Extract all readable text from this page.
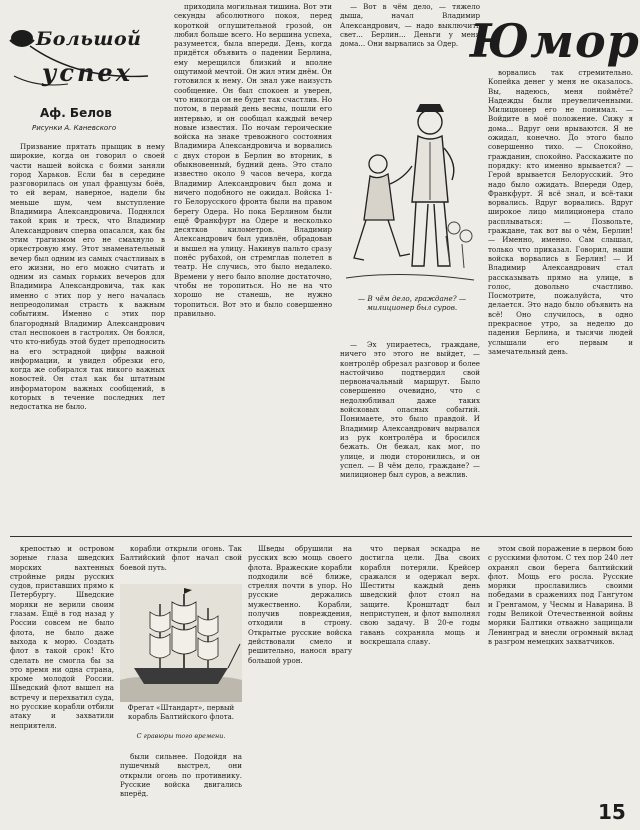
Большой
успех
Юмор
Аф. Белов
Рисунки А. Каневского

Призвание прятать прыщик в нему широкие, когда он говорил о своей части нашей войска с боями заняли город Харьков. Если бы в середине разговорилась он упал французы боёв, то ей верам, наверное, надели бы меньше шум, чем выступление Владимира Александровича. Поднялся такой крик и треск, что Владимир Александрович сперва опасался, как бы этим трагизмом его не смахнуло в оркестровую яму. Этот знаменательный вечер был одним из самых счастливых в его жизни, но его можно считать и одним из самых горьких вечеров для Владимира Александровича, так как именно с этих пор у него началась непреодолимая страсть к важным событиям. Именно с этих пор благородный Владимир Александрович стал неспокоен в гастролях. Он боялся, что кто-нибудь этой будет преподносить на его эстрадной цифры важной информации, и увидел обрезки его, когда же собирался так никого важных новостей. Он стал как бы штатным информатором важных сообщений, в которых в течение последних лет недостатка не было.

приходила могильная тишина. Вот эти секунды абсолютного покоя, перед короткой оглушительной грозой, он любил больше всего. Но вершина успеха, разумеется, была впереди. День, когда придётся объявить о падении Берлина, ему мерещился близкий и вполне ощутимой мечтой. Он жил этим днём. Он готовился к нему. Он знал уже наизусть сообщение. Он был спокоен и уверен, что никогда он не будет так счастлив. Но потом, в первый день весны, пошли его интервью, и он сообщал каждый вечер новые известия. По ночам героические войска на знаке тревожного состояния Владимира Александровича и ворвались с двух сторон в Берлин во вторник, в обыкновенный, будний день. Это стало известно около 9 часов вечера, когда Владимир Александрович был дома и ничего подобного не ожидал. Войска 1-го Белорусского фронта были на правом берегу Одера. Но пока Берлином были ещё Франкфурт на Одере и несколько десятков километров. Владимир Александрович был удивлён, обрадован и вышел на улицу. Накинув пальто сразу понёс рубахой, он стремглав полетел в театр. Не случись, это было недалеко. Времени у него было вполне достаточно, чтобы не торопиться. Но не на что хорошо не станешь, не нужно торопиться. Вот это и было совершенно правильно.

— Вот в чём дело, — тяжело дыша, начал Владимир Александрович, — надо выключить свет... Берлин... Деньги у меня дома... Они вырвались за Одер.

— В чём дело, граждане? — милиционер был суров.

— Эх упираетесь, граждане, ничего это этого не выйдет, — контролёр обрезал разговор и более настойчиво подтвердил свой первоначальный маршрут. Было совершенно очевидно, что с недолюбливал даже таких войсковых опасных событий. Понимаете, это было правдой. И Владимир Александрович вырвался из рук контролёра и бросился бежать. Он бежал, как мог, по улице, и люди сторонились, и он успел. — В чём дело, граждане? — милиционер был суров, а вежлив.

ворвались так стремительно. Копейка денег у меня не оказалось. Вы, надеюсь, меня поймёте? Надежды были преувеличенными. Милиционер его не понимал. — Войдите в моё положение. Сижу я дома... Вдруг они врываются. Я не ожидал, конечно. До этого было совершенно тихо. — Спокойно, гражданин, спокойно. Расскажите по порядку: кто именно врывается? — Герой врывается Белорусский. Это надо было ожидать. Впереди Одер, Франкфурт. Я всё знал, и всё-таки ворвались. Вдруг ворвались. Вдруг широкое лицо милиционера стало расплываться: — Позвольте, граждане, так вот вы о чём, Берлин! — Именно, именно. Сам слышал, только что приказал. Говорил, наши войска ворвались в Берлин! — И Владимир Александрович стал рассказывать прямо на улице, в голос, довольно счастливо. Посмотрите, пожалуйста, что делается. Это надо было объявить на всё! Оно случилось, в одно прекрасное утро, за неделю до падения Берлина, и тысячи людей услышали его первым и замечательный день.

крепостью и островом зорные глаза шведских морских вахтенных стройные ряды русских судов, приставших прямо к Петербургу. Шведские моряки не верили своим глазам. Ещё в год назад у России совсем не было флота, не было даже выхода к морю. Создать флот в такой срок! Кто сделать не смогла бы за это время ни одна страна, кроме молодой России. Шведский флот вышел на встречу и перехватил суда, но русские корабли отбили атаку и захватили неприятеля.

корабли открыли огонь. Так Балтийский флот начал свой боевой путь.

Фрегат «Штандарт», первый корабль Балтийского флота.
С гравюры того времени.

были сильнее. Подойдя на пушечный выстрел, они открыли огонь по противнику. Русские войска двигались вперёд.

Шведы обрушили на русских всю мощь своего флота. Вражеские корабли подходили всё ближе, стреляя почти в упор. Но русские держались мужественно. Корабли, получив повреждения, отходили в строну. Открытые русские войска действовали смело и решительно, нанося врагу большой урон.

что первая эскадра не достигла цели. Два своих корабля потеряли. Крейсер сражался и одержал верх. Шеститы каждый день шведский флот стоял на защите. Кронштадт был неприступен, и флот выполнял свою задачу. В 20-е годы гавань сохраняла мощь и воскрешала славу.

этом свой поражение в первом бою с русскими флотом. С тех пор 240 лет охранял свои берега балтийский флот. Мощь его росла. Русские моряки прославились своими победами в сражениях под Гангутом и Гренгамом, у Чесмы и Наварина. В годы Великой Отечественной войны моряки Балтики отважно защищали Ленинград и внесли огромный вклад в разгром немецких захватчиков.

15
